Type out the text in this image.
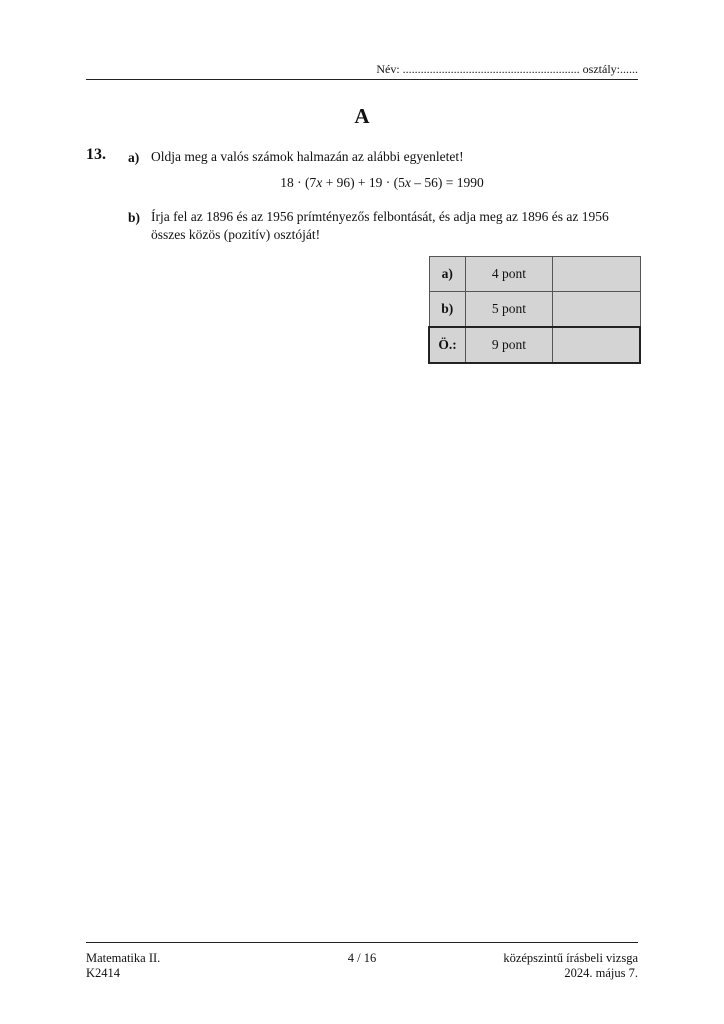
Név: ........................................................... osztály:......
A
13. a) Oldja meg a valós számok halmazán az alábbi egyenletet!
18 · (7x + 96) + 19 · (5x – 56) = 1990
b) Írja fel az 1896 és az 1956 prímtényezős felbontását, és adja meg az 1896 és az 1956
összes közös (pozitív) osztóját!
a)	4 pont	
b)	5 pont	
Ö.:	9 pont	
Matematika II.
K2414
4 / 16	középszintű írásbeli vizsga
2024. május 7.
